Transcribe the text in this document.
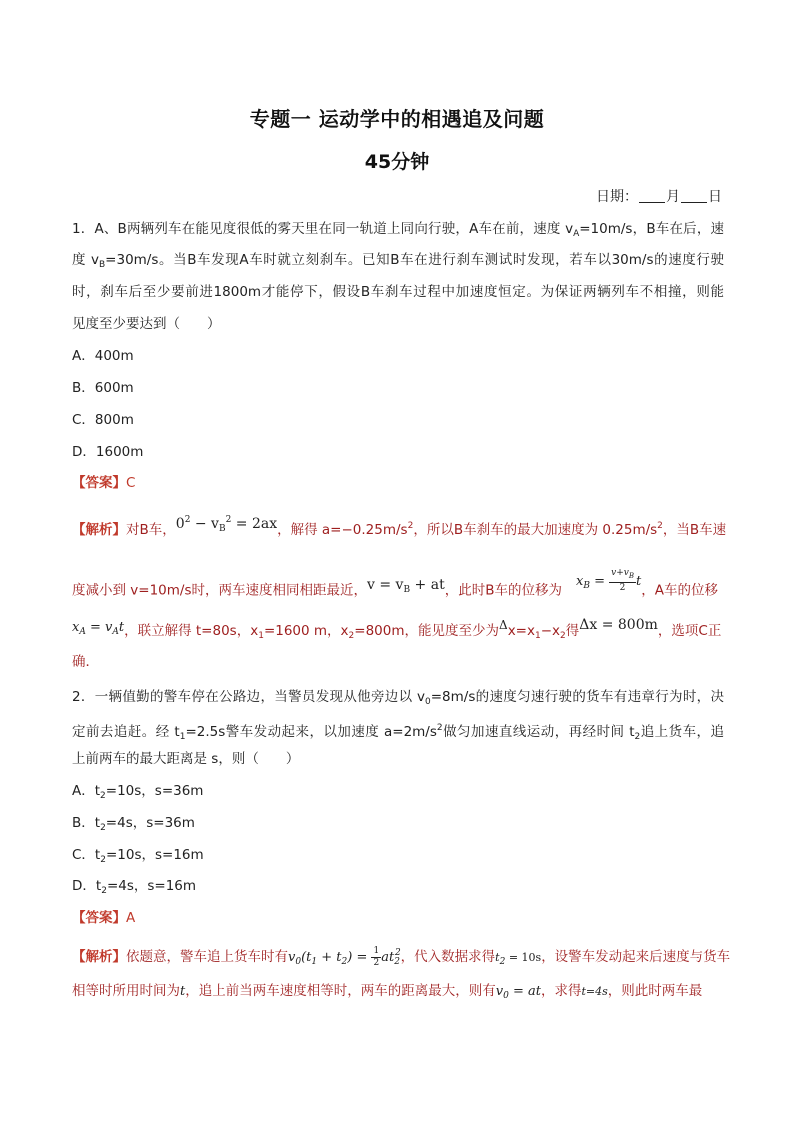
专题一 运动学中的相遇追及问题
45分钟
日期： 月 日
1．A、B两辆列车在能见度很低的雾天里在同一轨道上同向行驶，A车在前，速度 $v_A=10m/s$，B车在后，速
度 $v_B=30m/s$。当B车发现A车时就立刻刹车。已知B车在进行刹车测试时发现，若车以30m/s的速度行驶
时，刹车后至少要前进1800m才能停下，假设B车刹车过程中加速度恒定。为保证两辆列车不相撞，则能
见度至少要达到（　　）
A．400m
B．600m
C．800m
D．1600m
【答案】C
【解析】对B车，$0^2 - v_B^2 = 2ax$，解得 $a=-0.25m/s^2$，所以B车刹车的最大加速度为 $0.25m/s^2$，当B车速
度减小到 v=10m/s时，两车速度相同相距最近，$v = v_B$ + at，此时B车的位移为$x_B = \frac{v+v_B}{2}$ t，A车的位移
$x_A = v_At$，联立解得 t=80s，$x_1=1600$ m，$x_2=800m$，能见度至少为$\Delta x=x_1-x_2$得Δx = 800m，选项C正
确．
2．一辆值勤的警车停在公路边，当警员发现从他旁边以 $v_0=8m/s$的速度匀速行驶的货车有违章行为时，决
定前去追赶。经 $t_1=2.5s$警车发动起来，以加速度 $a=2m/s^2$做匀加速直线运动，再经时间 $t_2$追上货车，追
上前两车的最大距离是 s，则（　　）
A．$t_2=10s$，s=36m
B．$t_2=4s$，s=36m
C．$t_2=10s$，s=16m
D．$t_2=4s$，s=16m
【答案】A
【解析】依题意，警车追上货车时有$v_0(t_1 + t_2) = \frac{1}{2} at_2^2$，代入数据求得$t_2 = 10s$，设警车发动起来后速度与货车
相等时所用时间为t，追上前当两车速度相等时，两车的距离最大，则有$v_0$ = at，求得t=4s，则此时两车最
